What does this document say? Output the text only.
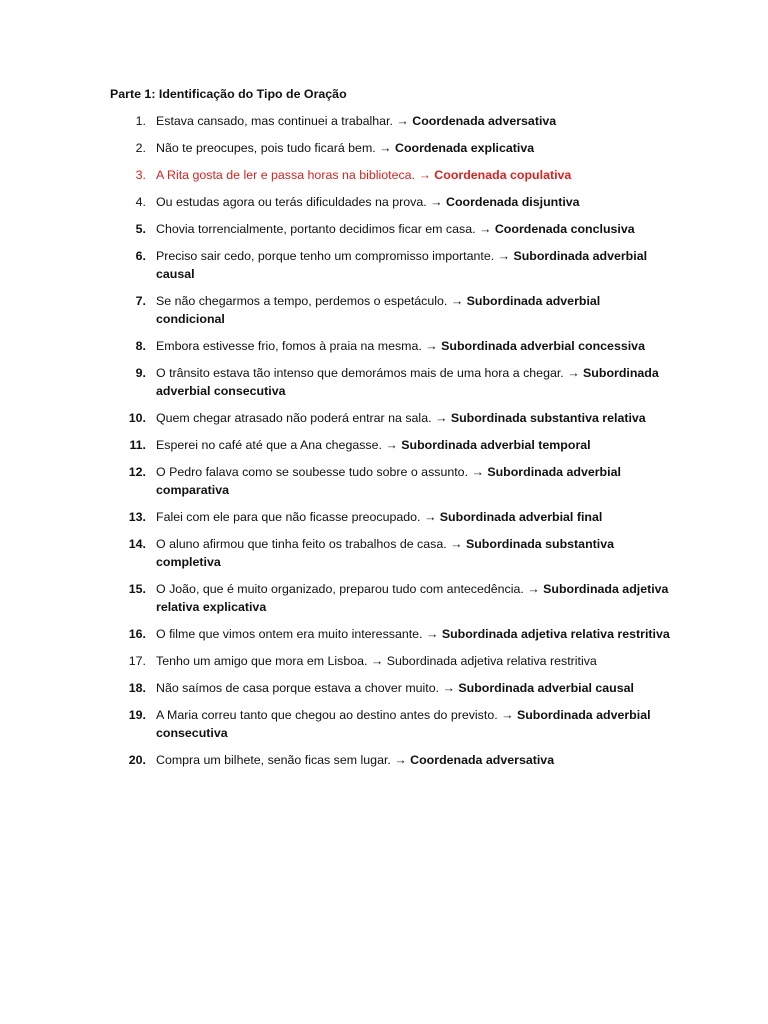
Parte 1: Identificação do Tipo de Oração
1. Estava cansado, mas continuei a trabalhar. → Coordenada adversativa
2. Não te preocupes, pois tudo ficará bem. → Coordenada explicativa
3. A Rita gosta de ler e passa horas na biblioteca. → Coordenada copulativa
4. Ou estudas agora ou terás dificuldades na prova. → Coordenada disjuntiva
5. Chovia torrencialmente, portanto decidimos ficar em casa. → Coordenada conclusiva
6. Preciso sair cedo, porque tenho um compromisso importante. → Subordinada adverbial causal
7. Se não chegarmos a tempo, perdemos o espetáculo. → Subordinada adverbial condicional
8. Embora estivesse frio, fomos à praia na mesma. → Subordinada adverbial concessiva
9. O trânsito estava tão intenso que demorámos mais de uma hora a chegar. → Subordinada adverbial consecutiva
10. Quem chegar atrasado não poderá entrar na sala. → Subordinada substantiva relativa
11. Esperei no café até que a Ana chegasse. → Subordinada adverbial temporal
12. O Pedro falava como se soubesse tudo sobre o assunto. → Subordinada adverbial comparativa
13. Falei com ele para que não ficasse preocupado. → Subordinada adverbial final
14. O aluno afirmou que tinha feito os trabalhos de casa. → Subordinada substantiva completiva
15. O João, que é muito organizado, preparou tudo com antecedência. → Subordinada adjetiva relativa explicativa
16. O filme que vimos ontem era muito interessante. → Subordinada adjetiva relativa restritiva
17. Tenho um amigo que mora em Lisboa. → Subordinada adjetiva relativa restritiva
18. Não saímos de casa porque estava a chover muito. → Subordinada adverbial causal
19. A Maria correu tanto que chegou ao destino antes do previsto. → Subordinada adverbial consecutiva
20. Compra um bilhete, senão ficas sem lugar. → Coordenada adversativa
